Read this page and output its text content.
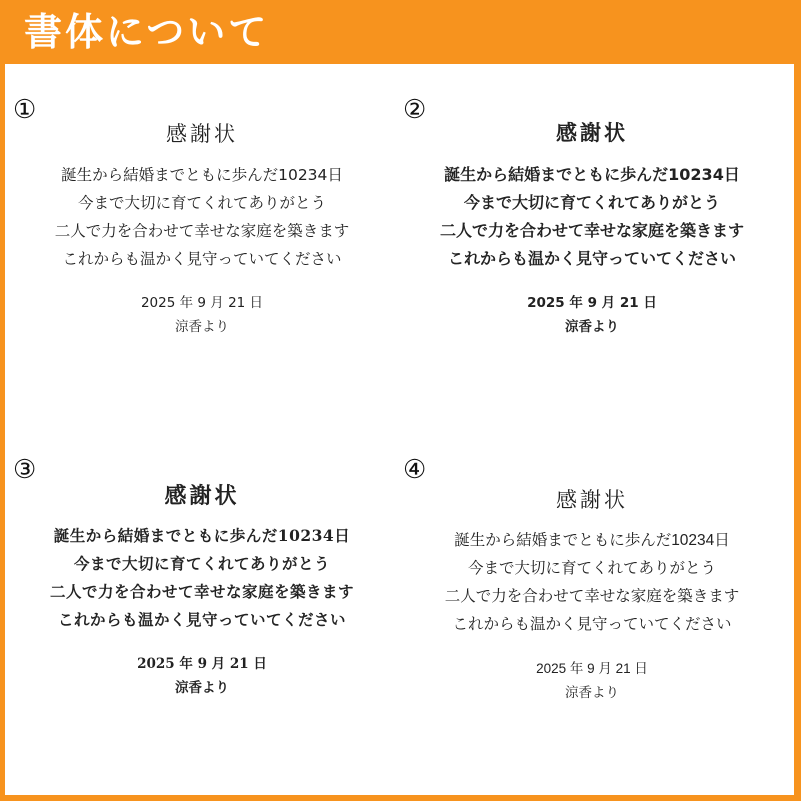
書体について
①
感謝状
誕生から結婚までともに歩んだ10234日
今まで大切に育てくれてありがとう
二人で力を合わせて幸せな家庭を築きます
これからも温かく見守っていてください
2025 年 9 月 21 日
涼香より
②
感謝状
誕生から結婚までともに歩んだ10234日
今まで大切に育てくれてありがとう
二人で力を合わせて幸せな家庭を築きます
これからも温かく見守っていてください
2025 年 9 月 21 日
涼香より
③
感謝状
誕生から結婚までともに歩んだ10234日
今まで大切に育てくれてありがとう
二人で力を合わせて幸せな家庭を築きます
これからも温かく見守っていてください
2025 年 9 月 21 日
涼香より
④
感謝状
誕生から結婚までともに歩んだ10234日
今まで大切に育てくれてありがとう
二人で力を合わせて幸せな家庭を築きます
これからも温かく見守っていてください
2025 年 9 月 21 日
涼香より
